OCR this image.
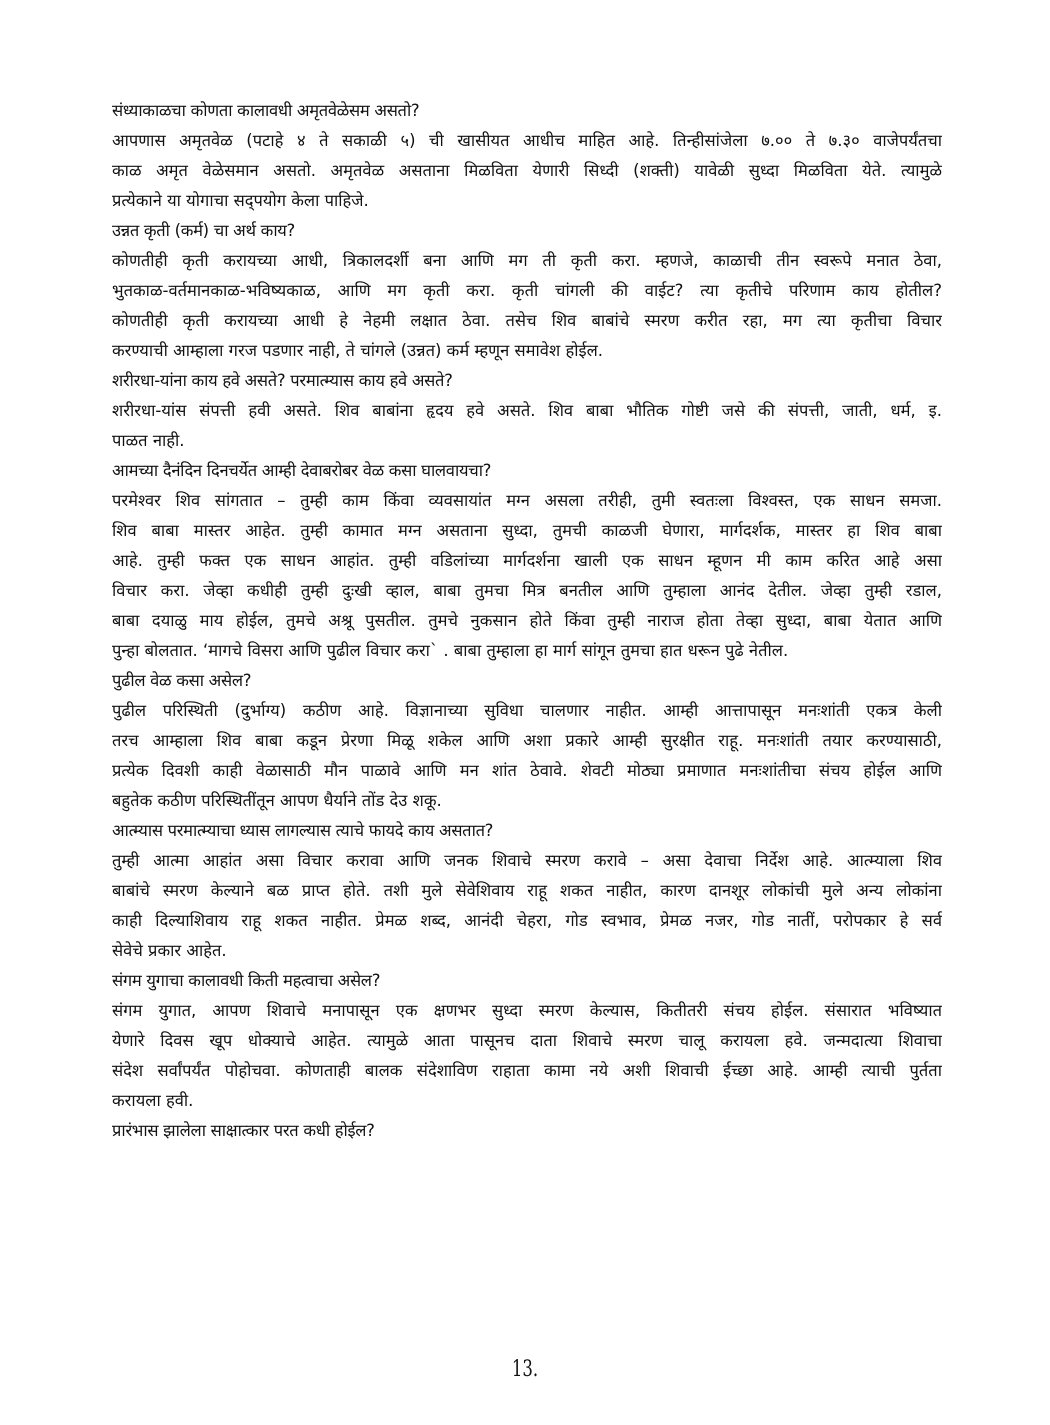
संध्याकाळचा कोणता कालावधी अमृतवेळेसम असतो?

आपणास अमृतवेळ (पटाहे ४ ते सकाळी ५) ची खासीयत आधीच माहित आहे. तिन्हीसांजेला ७.०० ते ७.३० वाजेपर्यंतचा

काळ अमृत वेळेसमान असतो. अमृतवेळ असताना मिळविता येणारी सिध्दी (शक्ती) यावेळी सुध्दा मिळविता येते. त्यामुळे

प्रत्येकाने या योगाचा सद्पयोग केला पाहिजे.

उन्नत कृती (कर्म) चा अर्थ काय?

कोणतीही कृती करायच्या आधी, त्रिकालदर्शी बना आणि मग ती कृती करा. म्हणजे, काळाची तीन स्वरूपे मनात ठेवा,

भुतकाळ-वर्तमानकाळ-भविष्यकाळ, आणि मग कृती करा. कृती चांगली की वाईट? त्या कृतीचे परिणाम काय होतील?

कोणतीही कृती करायच्या आधी हे नेहमी लक्षात ठेवा. तसेच शिव बाबांचे स्मरण करीत रहा, मग त्या कृतीचा विचार

करण्याची आम्हाला गरज पडणार नाही, ते चांगले (उन्नत) कर्म म्हणून समावेश होईल.

शरीरधा-यांना काय हवे असते? परमात्म्यास काय हवे असते?

शरीरधा-यांस संपत्ती हवी असते. शिव बाबांना हृदय हवे असते. शिव बाबा भौतिक गोष्टी जसे की संपत्ती, जाती, धर्म, इ.

पाळत नाही.

आमच्या दैनंदिन दिनचर्येत आम्ही देवाबरोबर वेळ कसा घालवायचा?

परमेश्वर शिव सांगतात – तुम्ही काम किंवा व्यवसायांत मग्न असला तरीही, तुमी स्वतःला विश्वस्त, एक साधन समजा.

शिव बाबा मास्तर आहेत. तुम्ही कामात मग्न असताना सुध्दा, तुमची काळजी घेणारा, मार्गदर्शक, मास्तर हा शिव बाबा

आहे. तुम्ही फक्त एक साधन आहांत. तुम्ही वडिलांच्या मार्गदर्शना खाली एक साधन म्हूणन मी काम करित आहे असा

विचार करा. जेव्हा कधीही तुम्ही दुःखी व्हाल, बाबा तुमचा मित्र बनतील आणि तुम्हाला आनंद देतील. जेव्हा तुम्ही रडाल,

बाबा दयाळु माय होईल, तुमचे अश्रू पुसतील. तुमचे नुकसान होते किंवा तुम्ही नाराज होता तेव्हा सुध्दा, बाबा येतात आणि

पुन्हा बोलतात. ‘मागचे विसरा आणि पुढील विचार करा` . बाबा तुम्हाला हा मार्ग सांगून तुमचा हात धरून पुढे नेतील.

पुढील वेळ कसा असेल?

पुढील परिस्थिती (दुर्भाग्य) कठीण आहे. विज्ञानाच्या सुविधा चालणार नाहीत. आम्ही आत्तापासून मनःशांती एकत्र केली

तरच आम्हाला शिव बाबा कडून प्रेरणा मिळू शकेल आणि अशा प्रकारे आम्ही सुरक्षीत राहू. मनःशांती तयार करण्यासाठी,

प्रत्येक दिवशी काही वेळासाठी मौन पाळावे आणि मन शांत ठेवावे. शेवटी मोठ्या प्रमाणात मनःशांतीचा संचय होईल आणि

बहुतेक कठीण परिस्थितींतून आपण धैर्याने तोंड देउ शकू.

आत्म्यास परमात्म्याचा ध्यास लागल्यास त्याचे फायदे काय असतात?

तुम्ही आत्मा आहांत असा विचार करावा आणि जनक शिवाचे स्मरण करावे – असा देवाचा निर्देश आहे. आत्म्याला शिव

बाबांचे स्मरण केल्याने बळ प्राप्त होते. तशी मुले सेवेशिवाय राहू शकत नाहीत, कारण दानशूर लोकांची मुले अन्य लोकांना

काही दिल्याशिवाय राहू शकत नाहीत. प्रेमळ शब्द, आनंदी चेहरा, गोड स्वभाव, प्रेमळ नजर, गोड नातीं, परोपकार हे सर्व

सेवेचे प्रकार आहेत.

संगम युगाचा कालावधी किती महत्वाचा असेल?

संगम युगात, आपण शिवाचे मनापासून एक क्षणभर सुध्दा स्मरण केल्यास, कितीतरी संचय होईल. संसारात भविष्यात

येणारे दिवस खूप धोक्याचे आहेत. त्यामुळे आता पासूनच दाता शिवाचे स्मरण चालू करायला हवे. जन्मदात्या शिवाचा

संदेश सर्वांपर्यंत पोहोचवा. कोणताही बालक संदेशाविण राहाता कामा नये अशी शिवाची ईच्छा आहे. आम्ही त्याची पुर्तता

करायला हवी.

प्रारंभास झालेला साक्षात्कार परत कधी होईल?

13.
